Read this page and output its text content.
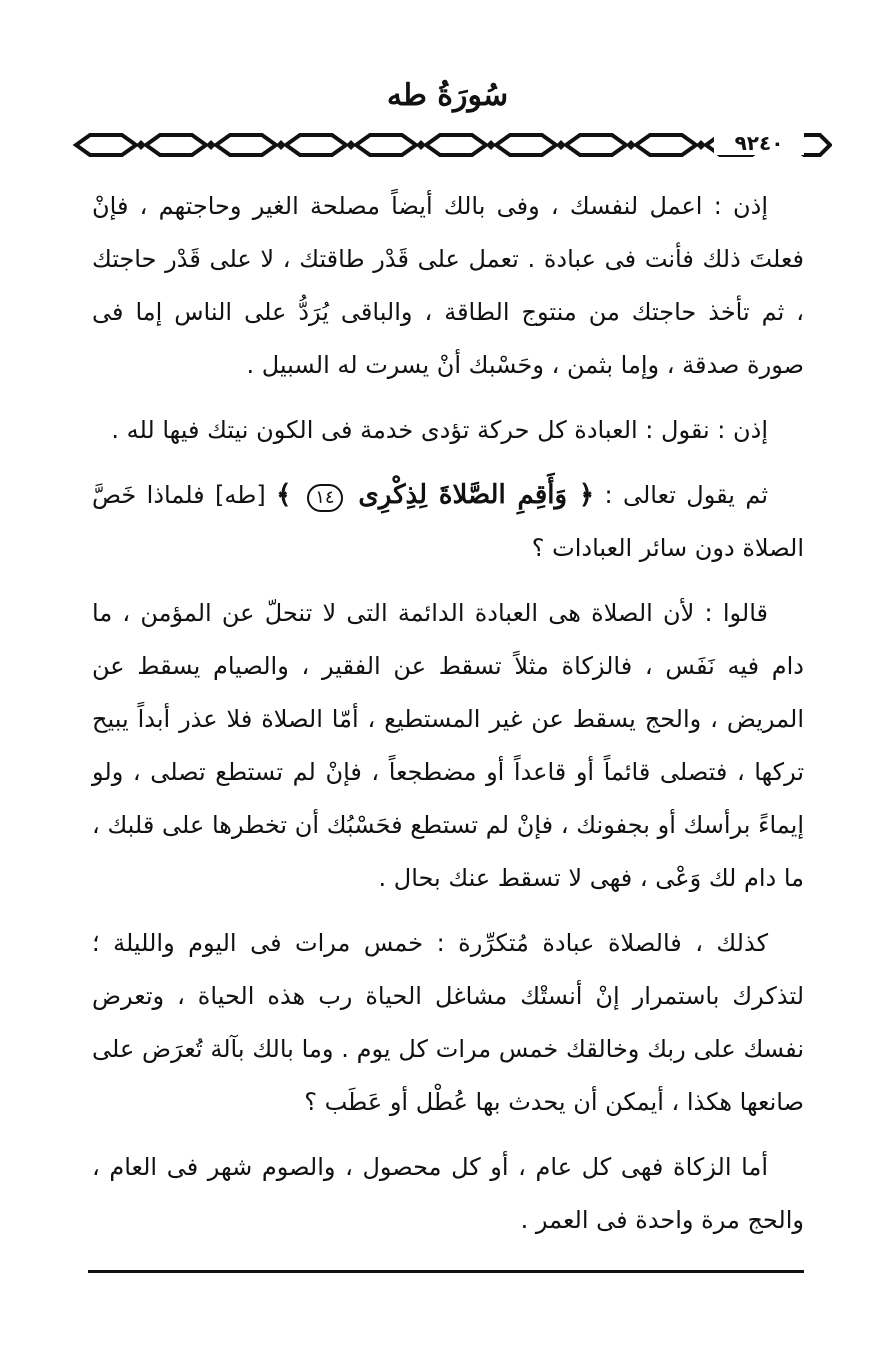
سُورَةُ طه
٩٢٤٠

إذن : اعمل لنفسك ، وفى بالك أيضاً مصلحة الغير وحاجتهم ، فإنْ فعلتَ ذلك فأنت فى عبادة . تعمل على قَدْر طاقتك ، لا على قَدْر حاجتك ، ثم تأخذ حاجتك من منتوج الطاقة ، والباقى يُرَدُّ على الناس إما فى صورة صدقة ، وإما بثمن ، وحَسْبك أنْ يسرت له السبيل .

إذن : نقول : العبادة كل حركة تؤدى خدمة فى الكون نيتك فيها لله .

ثم يقول تعالى : ﴿ وَأَقِمِ الصَّلاةَ لِذِكْرِى ١٤ ﴾ [طه] فلماذا خَصَّ الصلاة دون سائر العبادات ؟

قالوا : لأن الصلاة هى العبادة الدائمة التى لا تنحلّ عن المؤمن ، ما دام فيه نَفَس ، فالزكاة مثلاً تسقط عن الفقير ، والصيام يسقط عن المريض ، والحج يسقط عن غير المستطيع ، أمّا الصلاة فلا عذر أبداً يبيح تركها ، فتصلى قائماً أو قاعداً أو مضطجعاً ، فإنْ لم تستطع تصلى ، ولو إيماءً برأسك أو بجفونك ، فإنْ لم تستطع فحَسْبُك أن تخطرها على قلبك ، ما دام لك وَعْى ، فهى لا تسقط عنك بحال .

كذلك ، فالصلاة عبادة مُتكرِّرة : خمس مرات فى اليوم والليلة ؛ لتذكرك باستمرار إنْ أنستْك مشاغل الحياة رب هذه الحياة ، وتعرض نفسك على ربك وخالقك خمس مرات كل يوم . وما بالك بآلة تُعرَض على صانعها هكذا ، أيمكن أن يحدث بها عُطْل أو عَطَب ؟

أما الزكاة فهى كل عام ، أو كل محصول ، والصوم شهر فى العام ، والحج مرة واحدة فى العمر .
